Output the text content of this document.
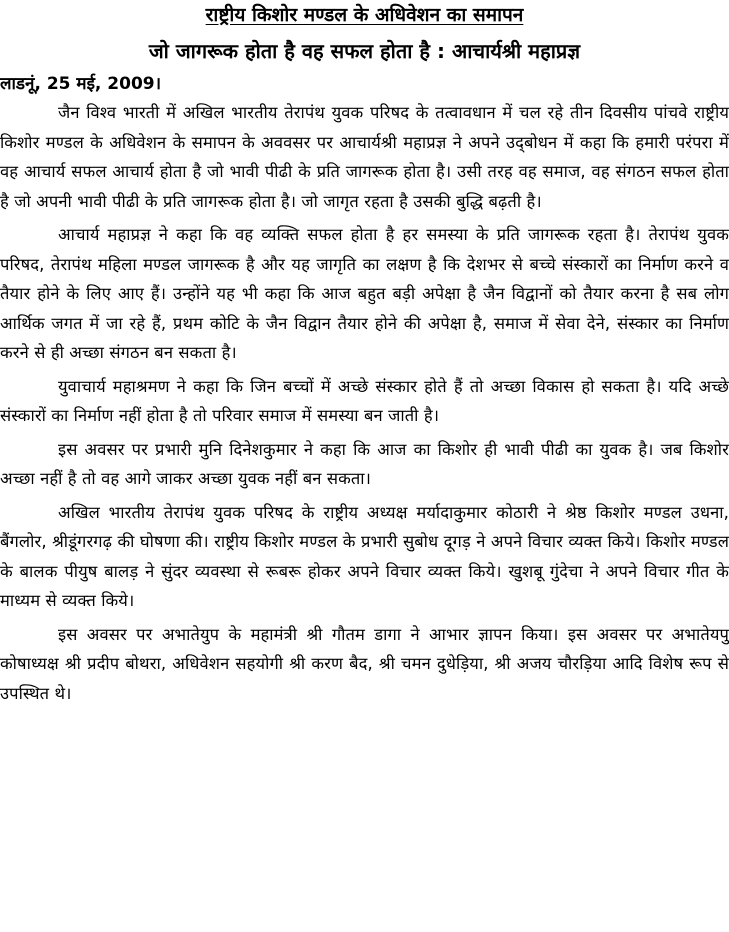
राष्ट्रीय किशोर मण्डल के अधिवेशन का समापन
जो जागरूक होता है वह सफल होता है : आचार्यश्री महाप्रज्ञ
लाडनूं, 25 मई, 2009।

जैन विश्व भारती में अखिल भारतीय तेरापंथ युवक परिषद के तत्वावधान में चल रहे तीन दिवसीय पांचवे राष्ट्रीय किशोर मण्डल के अधिवेशन के समापन के अववसर पर आचार्यश्री महाप्रज्ञ ने अपने उद्‌बोधन में कहा कि हमारी परंपरा में वह आचार्य सफल आचार्य होता है जो भावी पीढी के प्रति जागरूक होता है। उसी तरह वह समाज, वह संगठन सफल होता है जो अपनी भावी पीढी के प्रति जागरूक होता है। जो जागृत रहता है उसकी बुद्धि बढ़ती है।

आचार्य महाप्रज्ञ ने कहा कि वह व्यक्ति सफल होता है हर समस्या के प्रति जागरूक रहता है। तेरापंथ युवक परिषद, तेरापंथ महिला मण्डल जागरूक है और यह जागृति का लक्षण है कि देशभर से बच्चे संस्कारों का निर्माण करने व तैयार होने के लिए आए हैं। उन्होंने यह भी कहा कि आज बहुत बड़ी अपेक्षा है जैन विद्वानों को तैयार करना है सब लोग आर्थिक जगत में जा रहे हैं, प्रथम कोटि के जैन विद्वान तैयार होने की अपेक्षा है, समाज में सेवा देने, संस्कार का निर्माण करने से ही अच्छा संगठन बन सकता है।

युवाचार्य महाश्रमण ने कहा कि जिन बच्चों में अच्छे संस्कार होते हैं तो अच्छा विकास हो सकता है। यदि अच्छे संस्कारों का निर्माण नहीं होता है तो परिवार समाज में समस्या बन जाती है।

इस अवसर पर प्रभारी मुनि दिनेशकुमार ने कहा कि आज का किशोर ही भावी पीढी का युवक है। जब किशोर अच्छा नहीं है तो वह आगे जाकर अच्छा युवक नहीं बन सकता।

अखिल भारतीय तेरापंथ युवक परिषद के राष्ट्रीय अध्यक्ष मर्यादाकुमार कोठारी ने श्रेष्ठ किशोर मण्डल उधना, बैंगलोर, श्रीडूंगरगढ़ की घोषणा की। राष्ट्रीय किशोर मण्डल के प्रभारी सुबोध दूगड़ ने अपने विचार व्यक्त किये। किशोर मण्डल के बालक पीयुष बालड़ ने सुंदर व्यवस्था से रूबरू होकर अपने विचार व्यक्त किये। खुशबू गुंदेचा ने अपने विचार गीत के माध्यम से व्यक्त किये।

इस अवसर पर अभातेयुप के महामंत्री श्री गौतम डागा ने आभार ज्ञापन किया। इस अवसर पर अभातेयपु कोषाध्यक्ष श्री प्रदीप बोथरा, अधिवेशन सहयोगी श्री करण बैद, श्री चमन दुधेड़िया, श्री अजय चौरड़िया आदि विशेष रूप से उपस्थित थे।
